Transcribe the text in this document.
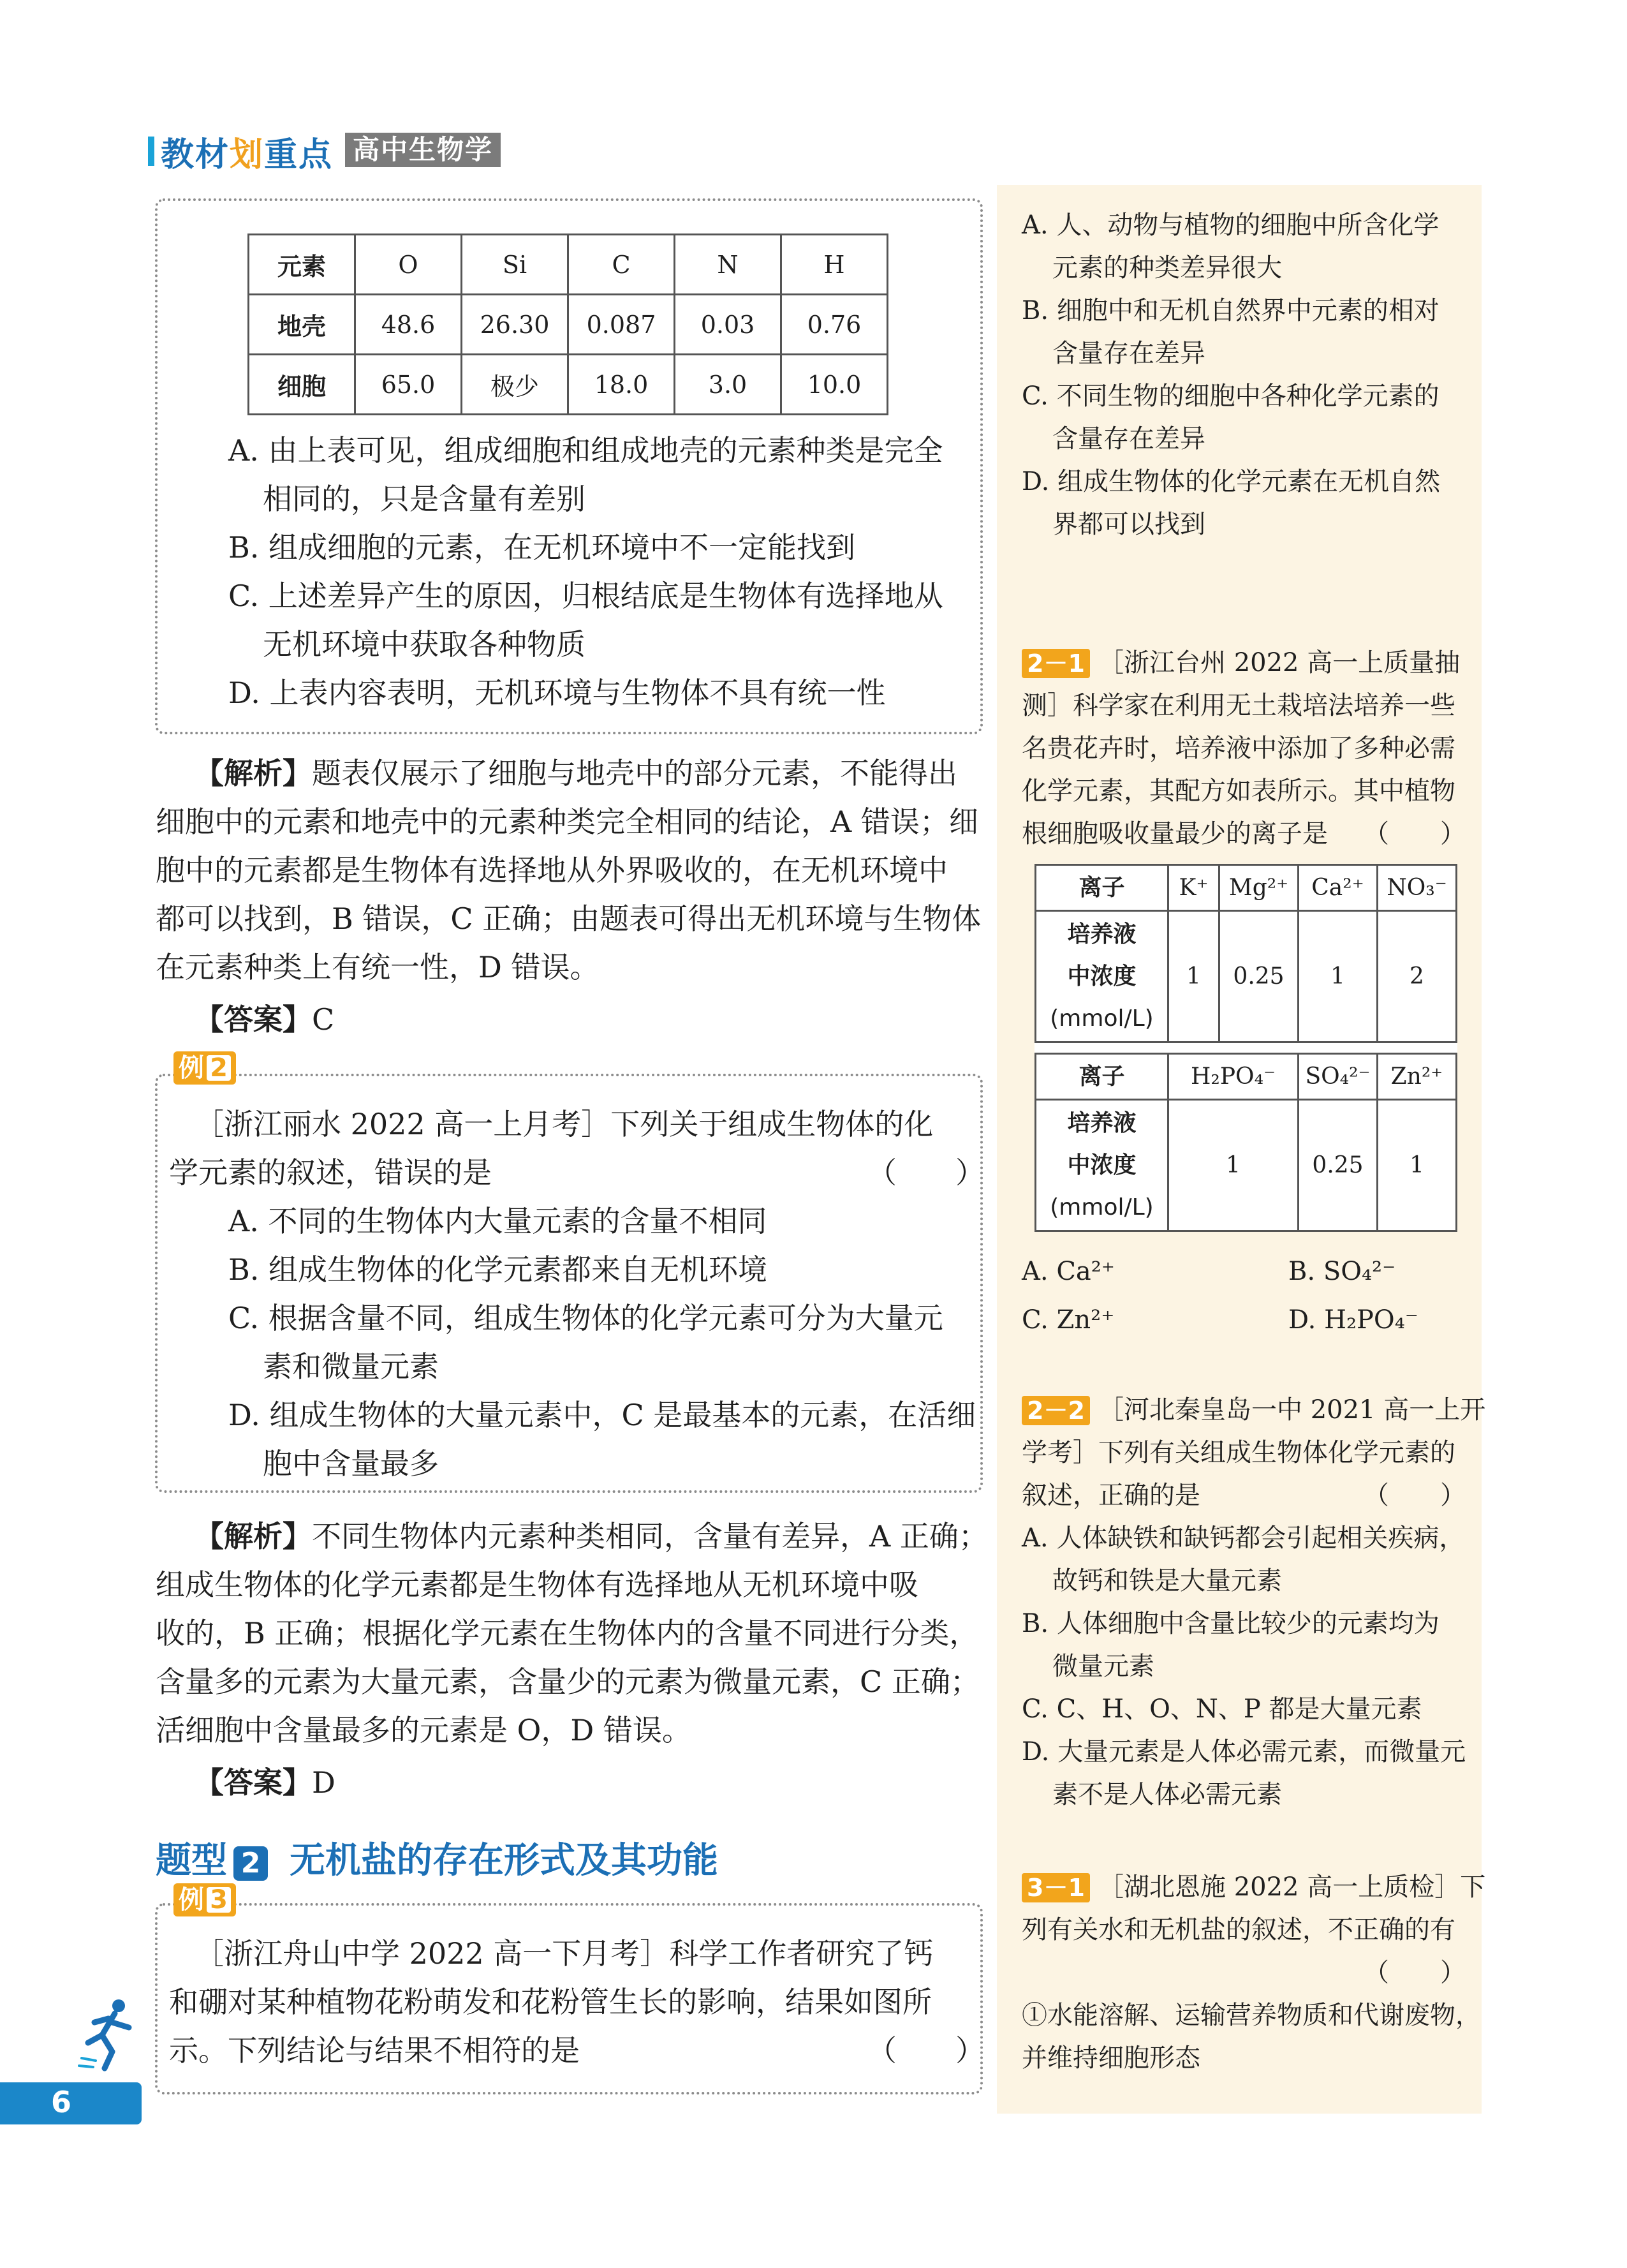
教材划重点 高中生物学
元素	O	Si	C	N	H
地壳	48.6	26.30	0.087	0.03	0.76
细胞	65.0	极少	18.0	3.0	10.0
A. 由上表可见，组成细胞和组成地壳的元素种类是完全
相同的，只是含量有差别
B. 组成细胞的元素，在无机环境中不一定能找到
C. 上述差异产生的原因，归根结底是生物体有选择地从
无机环境中获取各种物质
D. 上表内容表明，无机环境与生物体不具有统一性
【解析】题表仅展示了细胞与地壳中的部分元素，不能得出
细胞中的元素和地壳中的元素种类完全相同的结论，A 错误；细
胞中的元素都是生物体有选择地从外界吸收的，在无机环境中
都可以找到，B 错误，C 正确；由题表可得出无机环境与生物体
在元素种类上有统一性，D 错误。
【答案】C
例 2
［浙江丽水 2022 高一上月考］下列关于组成生物体的化
学元素的叙述，错误的是	（　　）
A. 不同的生物体内大量元素的含量不相同
B. 组成生物体的化学元素都来自无机环境
C. 根据含量不同，组成生物体的化学元素可分为大量元
素和微量元素
D. 组成生物体的大量元素中，C 是最基本的元素，在活细
胞中含量最多
【解析】不同生物体内元素种类相同，含量有差异，A 正确；
组成生物体的化学元素都是生物体有选择地从无机环境中吸
收的，B 正确；根据化学元素在生物体内的含量不同进行分类，
含量多的元素为大量元素，含量少的元素为微量元素，C 正确；
活细胞中含量最多的元素是 O，D 错误。
【答案】D
题型 2 无机盐的存在形式及其功能
例 3
［浙江舟山中学 2022 高一下月考］科学工作者研究了钙
和硼对某种植物花粉萌发和花粉管生长的影响，结果如图所
示。下列结论与结果不相符的是	（　　）
A. 人、动物与植物的细胞中所含化学
元素的种类差异很大
B. 细胞中和无机自然界中元素的相对
含量存在差异
C. 不同生物的细胞中各种化学元素的
含量存在差异
D. 组成生物体的化学元素在无机自然
界都可以找到
2－1 ［浙江台州 2022 高一上质量抽
测］科学家在利用无土栽培法培养一些
名贵花卉时，培养液中添加了多种必需
化学元素，其配方如表所示。其中植物
根细胞吸收量最少的离子是 （　　）
离子	K⁺	Mg²⁺	Ca²⁺	NO₃⁻
培养液
中浓度
(mmol/L)	1	0.25	1	2

离子	H₂PO₄⁻		SO₄²⁻	Zn²⁺
培养液
中浓度
(mmol/L)	1		0.25	1
A. Ca²⁺	B. SO₄²⁻
C. Zn²⁺	D. H₂PO₄⁻
2－2 ［河北秦皇岛一中 2021 高一上开
学考］下列有关组成生物体化学元素的
叙述，正确的是	（　　）
A. 人体缺铁和缺钙都会引起相关疾病，
故钙和铁是大量元素
B. 人体细胞中含量比较少的元素均为
微量元素
C. C、H、O、N、P 都是大量元素
D. 大量元素是人体必需元素，而微量元
素不是人体必需元素
3－1 ［湖北恩施 2022 高一上质检］下
列有关水和无机盐的叙述，不正确的有
（　　）
①水能溶解、运输营养物质和代谢废物，
并维持细胞形态
6
